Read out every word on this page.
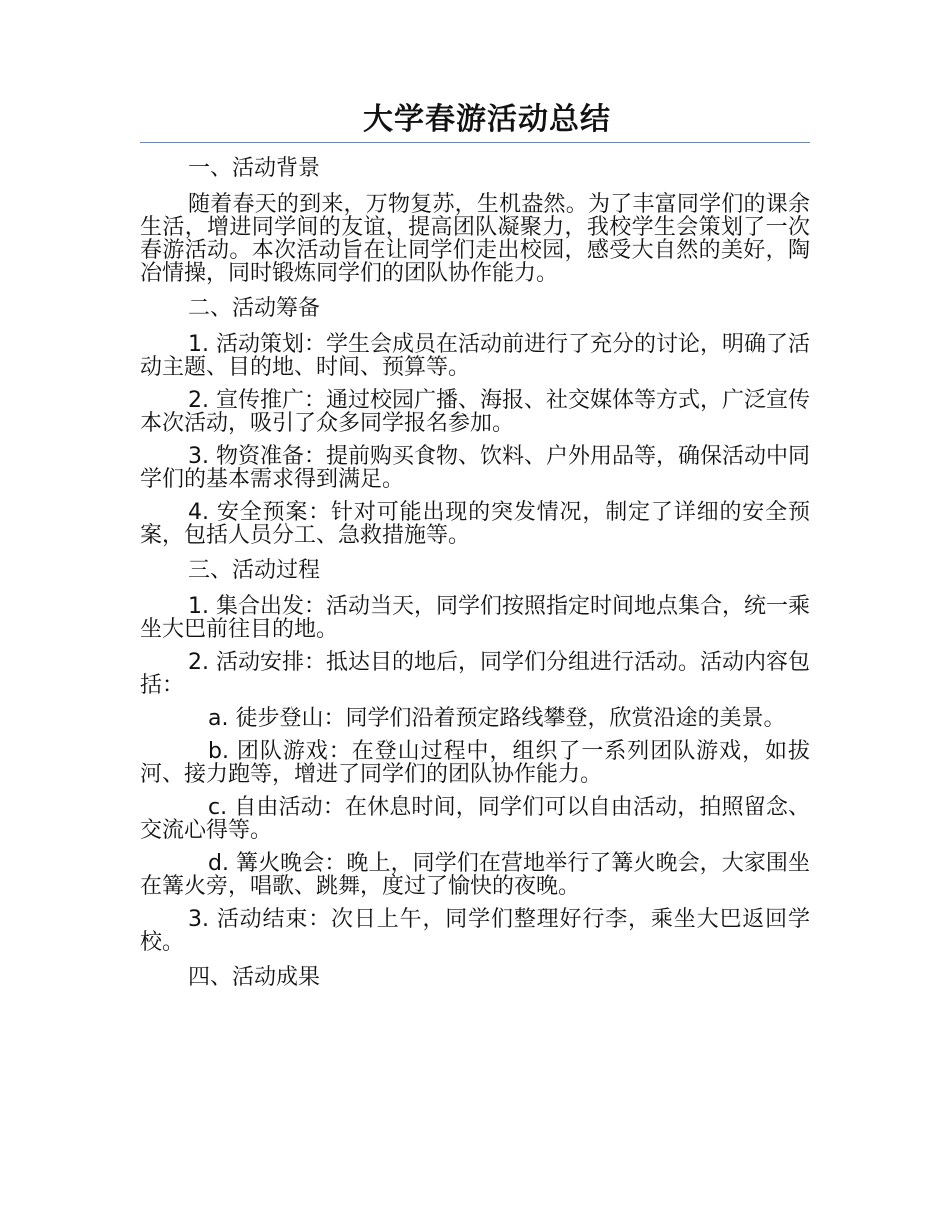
大学春游活动总结
一、活动背景

随着春天的到来，万物复苏，生机盎然。为了丰富同学们的课余生活，增进同学间的友谊，提高团队凝聚力，我校学生会策划了一次春游活动。本次活动旨在让同学们走出校园，感受大自然的美好，陶冶情操，同时锻炼同学们的团队协作能力。

二、活动筹备

1. 活动策划：学生会成员在活动前进行了充分的讨论，明确了活动主题、目的地、时间、预算等。

2. 宣传推广：通过校园广播、海报、社交媒体等方式，广泛宣传本次活动，吸引了众多同学报名参加。

3. 物资准备：提前购买食物、饮料、户外用品等，确保活动中同学们的基本需求得到满足。

4. 安全预案：针对可能出现的突发情况，制定了详细的安全预案，包括人员分工、急救措施等。

三、活动过程

1. 集合出发：活动当天，同学们按照指定时间地点集合，统一乘坐大巴前往目的地。

2. 活动安排：抵达目的地后，同学们分组进行活动。活动内容包括：

a. 徒步登山：同学们沿着预定路线攀登，欣赏沿途的美景。

b. 团队游戏：在登山过程中，组织了一系列团队游戏，如拔河、接力跑等，增进了同学们的团队协作能力。

c. 自由活动：在休息时间，同学们可以自由活动，拍照留念、交流心得等。

d. 篝火晚会：晚上，同学们在营地举行了篝火晚会，大家围坐在篝火旁，唱歌、跳舞，度过了愉快的夜晚。

3. 活动结束：次日上午，同学们整理好行李，乘坐大巴返回学校。

四、活动成果
